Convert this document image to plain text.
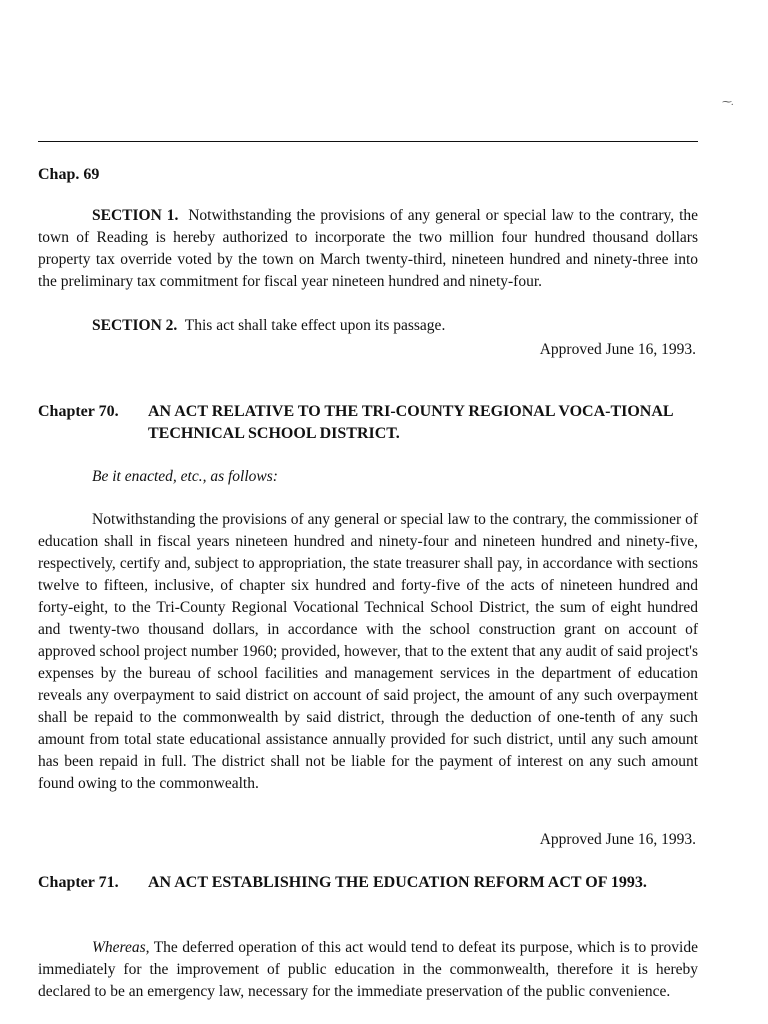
⁓.
Chap. 69
SECTION 1. Notwithstanding the provisions of any general or special law to the contrary, the town of Reading is hereby authorized to incorporate the two million four hundred thousand dollars property tax override voted by the town on March twenty-third, nineteen hundred and ninety-three into the preliminary tax commitment for fiscal year nineteen hundred and ninety-four.
SECTION 2. This act shall take effect upon its passage.
Approved June 16, 1993.
Chapter 70. AN ACT RELATIVE TO THE TRI-COUNTY REGIONAL VOCA-TIONAL TECHNICAL SCHOOL DISTRICT.
Be it enacted, etc., as follows:
Notwithstanding the provisions of any general or special law to the contrary, the commissioner of education shall in fiscal years nineteen hundred and ninety-four and nineteen hundred and ninety-five, respectively, certify and, subject to appropriation, the state treasurer shall pay, in accordance with sections twelve to fifteen, inclusive, of chapter six hundred and forty-five of the acts of nineteen hundred and forty-eight, to the Tri-County Regional Vocational Technical School District, the sum of eight hundred and twenty-two thousand dollars, in accordance with the school construction grant on account of approved school project number 1960; provided, however, that to the extent that any audit of said project's expenses by the bureau of school facilities and management services in the department of education reveals any overpayment to said district on account of said project, the amount of any such overpayment shall be repaid to the commonwealth by said district, through the deduction of one-tenth of any such amount from total state educational assistance annually provided for such district, until any such amount has been repaid in full. The district shall not be liable for the payment of interest on any such amount found owing to the commonwealth.
Approved June 16, 1993.
Chapter 71. AN ACT ESTABLISHING THE EDUCATION REFORM ACT OF 1993.
Whereas, The deferred operation of this act would tend to defeat its purpose, which is to provide immediately for the improvement of public education in the commonwealth, therefore it is hereby declared to be an emergency law, necessary for the immediate preservation of the public convenience.
